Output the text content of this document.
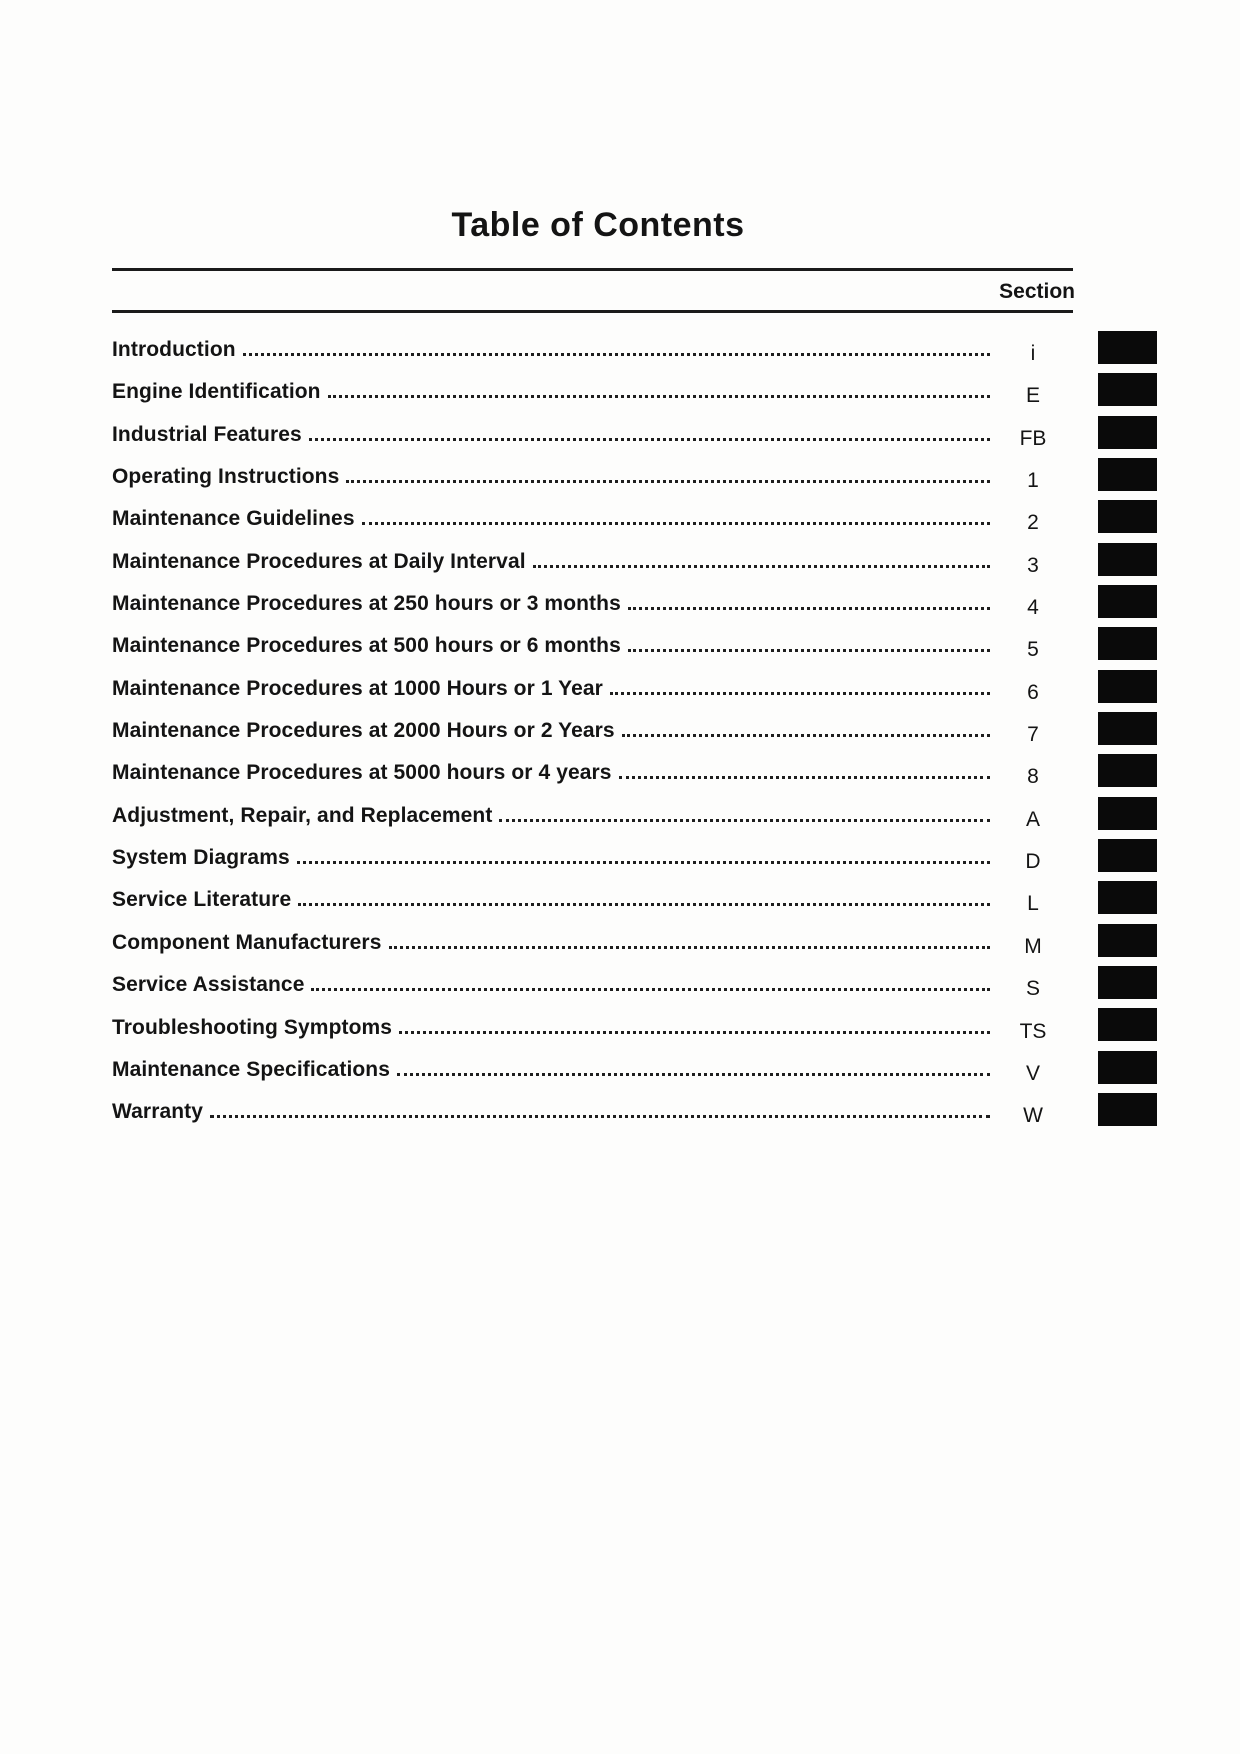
Table of Contents
Section
Introduction	i
Engine Identification	E
Industrial Features	FB
Operating Instructions	1
Maintenance Guidelines	2
Maintenance Procedures at Daily Interval	3
Maintenance Procedures at 250 hours or 3 months	4
Maintenance Procedures at 500 hours or 6 months	5
Maintenance Procedures at 1000 Hours or 1 Year	6
Maintenance Procedures at 2000 Hours or 2 Years	7
Maintenance Procedures at 5000 hours or 4 years	8
Adjustment, Repair, and Replacement	A
System Diagrams	D
Service Literature	L
Component Manufacturers	M
Service Assistance	S
Troubleshooting Symptoms	TS
Maintenance Specifications	V
Warranty	W
